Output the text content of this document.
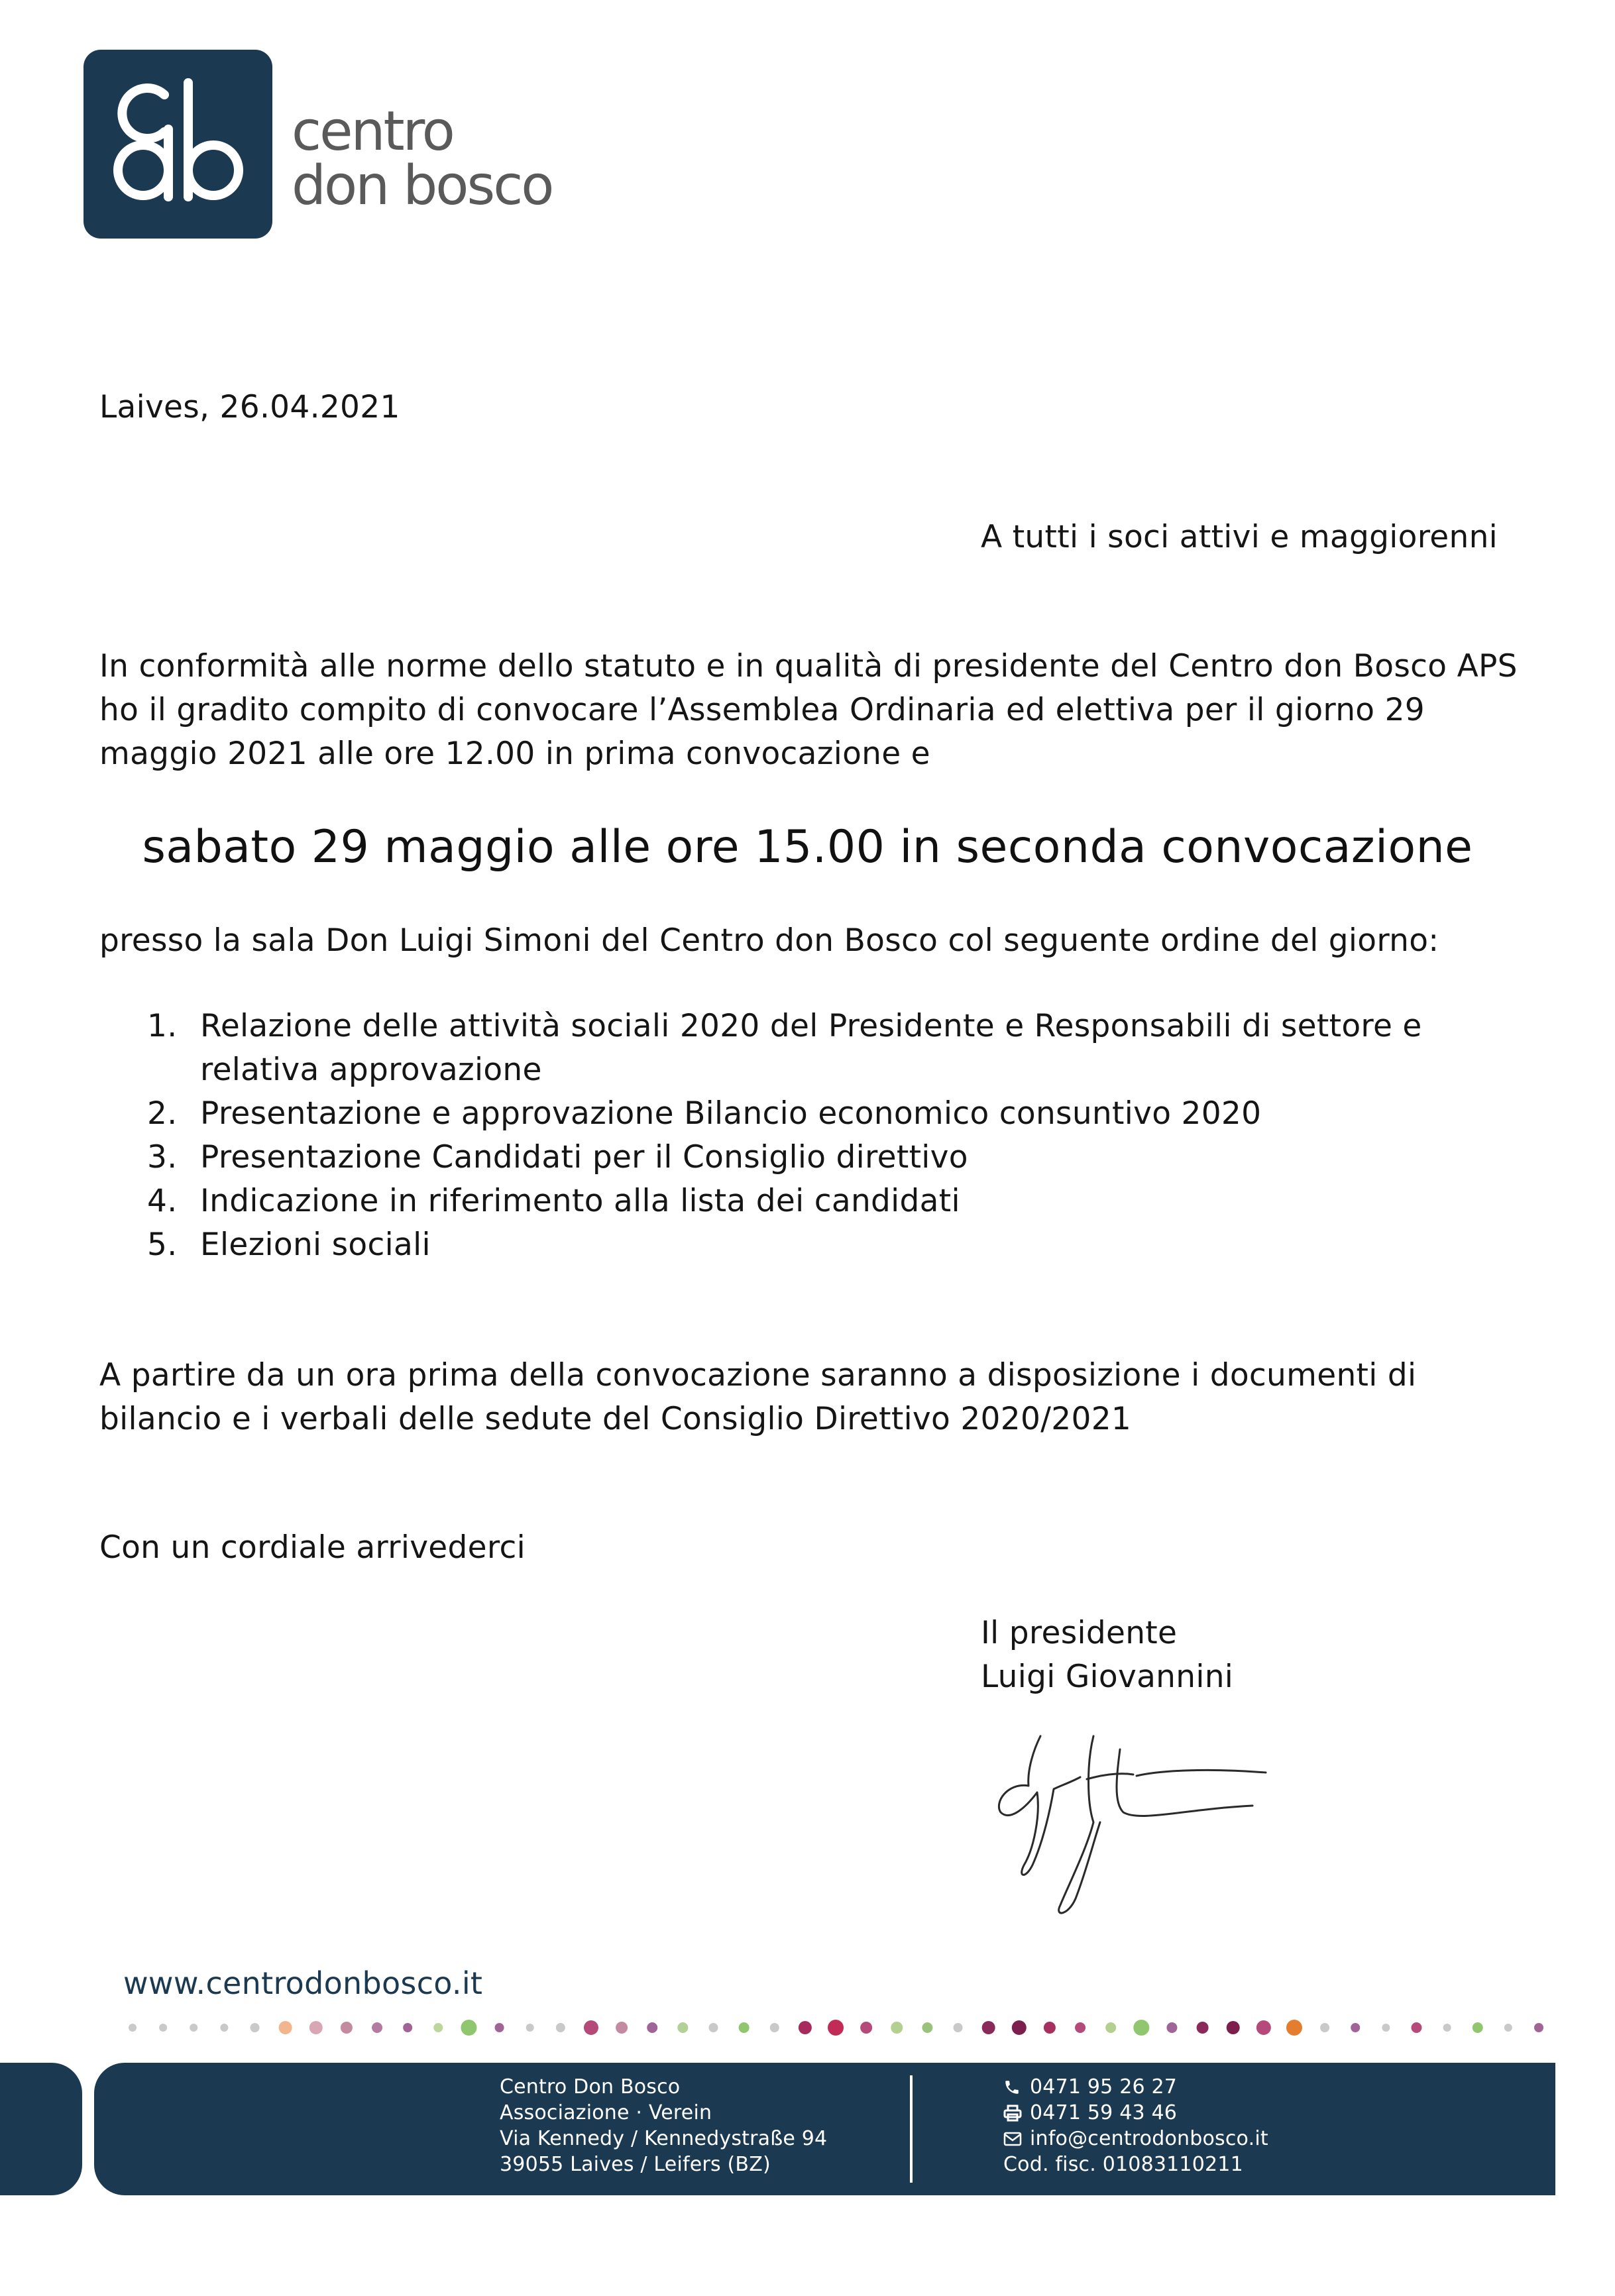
centro
don bosco
Laives, 26.04.2021
A tutti i soci attivi e maggiorenni
In conformità alle norme dello statuto e in qualità di presidente del Centro don Bosco APS
ho il gradito compito di convocare l’Assemblea Ordinaria ed elettiva per il giorno 29
maggio 2021 alle ore 12.00 in prima convocazione e
sabato 29 maggio alle ore 15.00 in seconda convocazione
presso la sala Don Luigi Simoni del Centro don Bosco col seguente ordine del giorno:
1. Relazione delle attività sociali 2020 del Presidente e Responsabili di settore e
relativa approvazione
2. Presentazione e approvazione Bilancio economico consuntivo 2020
3. Presentazione Candidati per il Consiglio direttivo
4. Indicazione in riferimento alla lista dei candidati
5. Elezioni sociali
A partire da un ora prima della convocazione saranno a disposizione i documenti di
bilancio e i verbali delle sedute del Consiglio Direttivo 2020/2021
Con un cordiale arrivederci
Il presidente
Luigi Giovannini
www.centrodonbosco.it
Centro Don Bosco
Associazione · Verein
Via Kennedy / Kennedystraße 94
39055 Laives / Leifers (BZ)
0471 95 26 27
0471 59 43 46
info@centrodonbosco.it
Cod. fisc. 01083110211
